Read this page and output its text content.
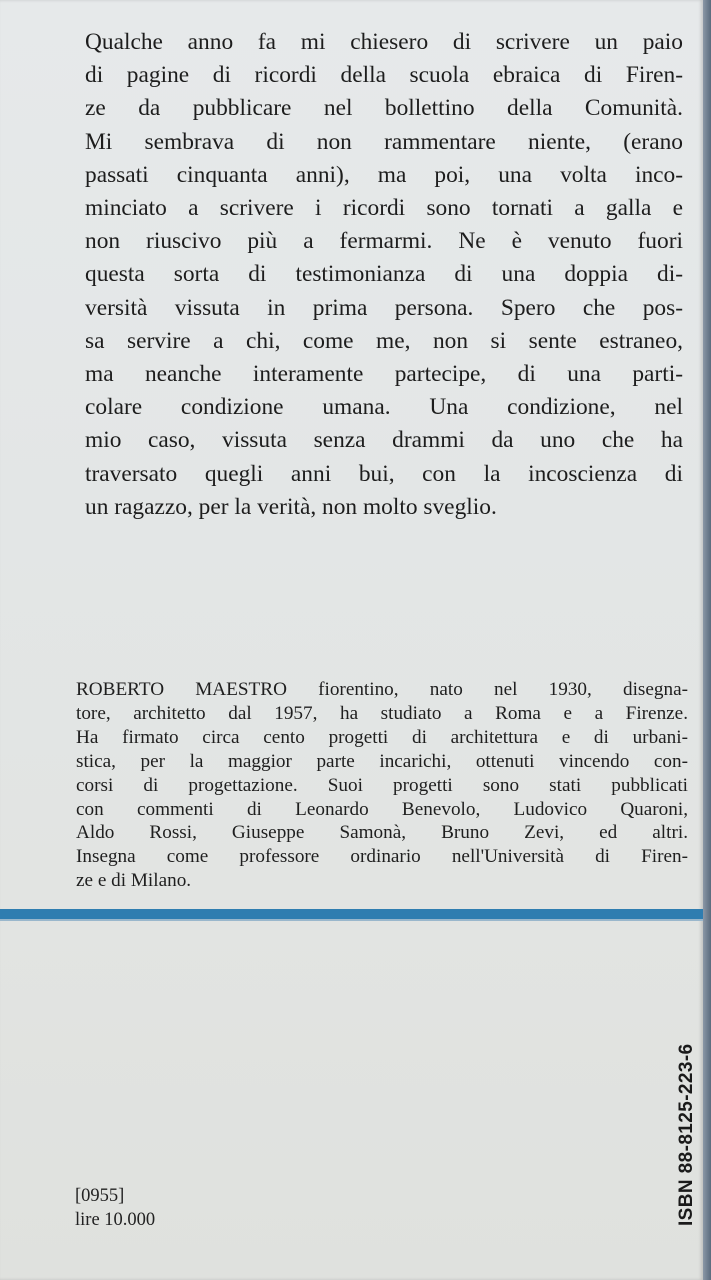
Qualche anno fa mi chiesero di scrivere un paio
di pagine di ricordi della scuola ebraica di Firen-
ze da pubblicare nel bollettino della Comunità.
Mi sembrava di non rammentare niente, (erano
passati cinquanta anni), ma poi, una volta inco-
minciato a scrivere i ricordi sono tornati a galla e
non riuscivo più a fermarmi. Ne è venuto fuori
questa sorta di testimonianza di una doppia di-
versità vissuta in prima persona. Spero che pos-
sa servire a chi, come me, non si sente estraneo,
ma neanche interamente partecipe, di una parti-
colare condizione umana. Una condizione, nel
mio caso, vissuta senza drammi da uno che ha
traversato quegli anni bui, con la incoscienza di
un ragazzo, per la verità, non molto sveglio.
ROBERTO MAESTRO fiorentino, nato nel 1930, disegna-
tore, architetto dal 1957, ha studiato a Roma e a Firenze.
Ha firmato circa cento progetti di architettura e di urbani-
stica, per la maggior parte incarichi, ottenuti vincendo con-
corsi di progettazione. Suoi progetti sono stati pubblicati
con commenti di Leonardo Benevolo, Ludovico Quaroni,
Aldo Rossi, Giuseppe Samonà, Bruno Zevi, ed altri.
Insegna come professore ordinario nell'Università di Firen-
ze e di Milano.
[0955]
lire 10.000	ISBN 88-8125-223-6
